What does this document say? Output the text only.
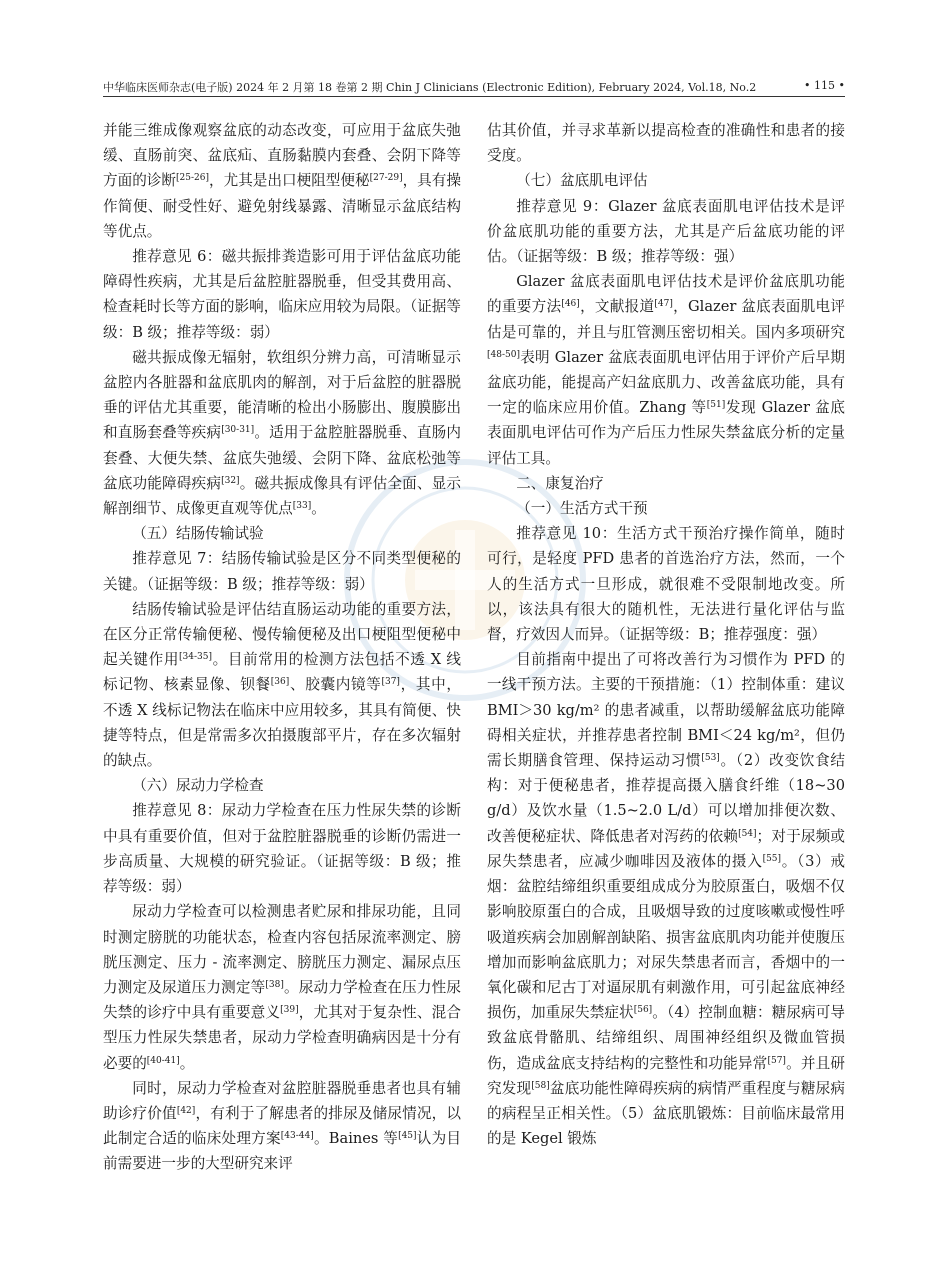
中华临床医师杂志(电子版) 2024 年 2 月第 18 卷第 2 期 Chin J Clinicians (Electronic Edition), February 2024, Vol.18, No.2	• 115 •

并能三维成像观察盆底的动态改变，可应用于盆底失弛缓、直肠前突、盆底疝、直肠黏膜内套叠、会阴下降等方面的诊断[25-26]，尤其是出口梗阻型便秘[27-29]，具有操作简便、耐受性好、避免射线暴露、清晰显示盆底结构等优点。

推荐意见 6：磁共振排粪造影可用于评估盆底功能障碍性疾病，尤其是后盆腔脏器脱垂，但受其费用高、检查耗时长等方面的影响，临床应用较为局限。（证据等级：B 级；推荐等级：弱）

磁共振成像无辐射，软组织分辨力高，可清晰显示盆腔内各脏器和盆底肌肉的解剖，对于后盆腔的脏器脱垂的评估尤其重要，能清晰的检出小肠膨出、腹膜膨出和直肠套叠等疾病[30-31]。适用于盆腔脏器脱垂、直肠内套叠、大便失禁、盆底失弛缓、会阴下降、盆底松弛等盆底功能障碍疾病[32]。磁共振成像具有评估全面、显示解剖细节、成像更直观等优点[33]。

（五）结肠传输试验

推荐意见 7：结肠传输试验是区分不同类型便秘的关键。（证据等级：B 级；推荐等级：弱）

结肠传输试验是评估结直肠运动功能的重要方法，在区分正常传输便秘、慢传输便秘及出口梗阻型便秘中起关键作用[34-35]。目前常用的检测方法包括不透 X 线标记物、核素显像、钡餐[36]、胶囊内镜等[37]，其中，不透 X 线标记物法在临床中应用较多，其具有简便、快捷等特点，但是常需多次拍摄腹部平片，存在多次辐射的缺点。

（六）尿动力学检查

推荐意见 8：尿动力学检查在压力性尿失禁的诊断中具有重要价值，但对于盆腔脏器脱垂的诊断仍需进一步高质量、大规模的研究验证。（证据等级：B 级；推荐等级：弱）

尿动力学检查可以检测患者贮尿和排尿功能，且同时测定膀胱的功能状态，检查内容包括尿流率测定、膀胱压测定、压力 - 流率测定、膀胱压力测定、漏尿点压力测定及尿道压力测定等[38]。尿动力学检查在压力性尿失禁的诊疗中具有重要意义[39]，尤其对于复杂性、混合型压力性尿失禁患者，尿动力学检查明确病因是十分有必要的[40-41]。

同时，尿动力学检查对盆腔脏器脱垂患者也具有辅助诊疗价值[42]，有利于了解患者的排尿及储尿情况，以此制定合适的临床处理方案[43-44]。Baines 等[45]认为目前需要进一步的大型研究来评

估其价值，并寻求革新以提高检查的准确性和患者的接受度。

（七）盆底肌电评估

推荐意见 9：Glazer 盆底表面肌电评估技术是评价盆底肌功能的重要方法，尤其是产后盆底功能的评估。（证据等级：B 级；推荐等级：强）

Glazer 盆底表面肌电评估技术是评价盆底肌功能的重要方法[46]，文献报道[47]，Glazer 盆底表面肌电评估是可靠的，并且与肛管测压密切相关。国内多项研究[48-50]表明 Glazer 盆底表面肌电评估用于评价产后早期盆底功能，能提高产妇盆底肌力、改善盆底功能，具有一定的临床应用价值。Zhang 等[51]发现 Glazer 盆底表面肌电评估可作为产后压力性尿失禁盆底分析的定量评估工具。

二、康复治疗

（一）生活方式干预

推荐意见 10：生活方式干预治疗操作简单，随时可行，是轻度 PFD 患者的首选治疗方法，然而，一个人的生活方式一旦形成，就很难不受限制地改变。所以，该法具有很大的随机性，无法进行量化评估与监督，疗效因人而异。（证据等级：B；推荐强度：强）

目前指南中提出了可将改善行为习惯作为 PFD 的一线干预方法。主要的干预措施：（1）控制体重：建议 BMI＞30 kg/m² 的患者减重，以帮助缓解盆底功能障碍相关症状，并推荐患者控制 BMI＜24 kg/m²，但仍需长期膳食管理、保持运动习惯[53]。（2）改变饮食结构：对于便秘患者，推荐提高摄入膳食纤维（18~30 g/d）及饮水量（1.5~2.0 L/d）可以增加排便次数、改善便秘症状、降低患者对泻药的依赖[54]；对于尿频或尿失禁患者，应减少咖啡因及液体的摄入[55]。（3）戒烟：盆腔结缔组织重要组成成分为胶原蛋白，吸烟不仅影响胶原蛋白的合成，且吸烟导致的过度咳嗽或慢性呼吸道疾病会加剧解剖缺陷、损害盆底肌肉功能并使腹压增加而影响盆底肌力；对尿失禁患者而言，香烟中的一氧化碳和尼古丁对逼尿肌有刺激作用，可引起盆底神经损伤，加重尿失禁症状[56]。（4）控制血糖：糖尿病可导致盆底骨骼肌、结缔组织、周围神经组织及微血管损伤，造成盆底支持结构的完整性和功能异常[57]。并且研究发现[58]盆底功能性障碍疾病的病情严重程度与糖尿病的病程呈正相关性。（5）盆底肌锻炼：目前临床最常用的是 Kegel 锻炼
